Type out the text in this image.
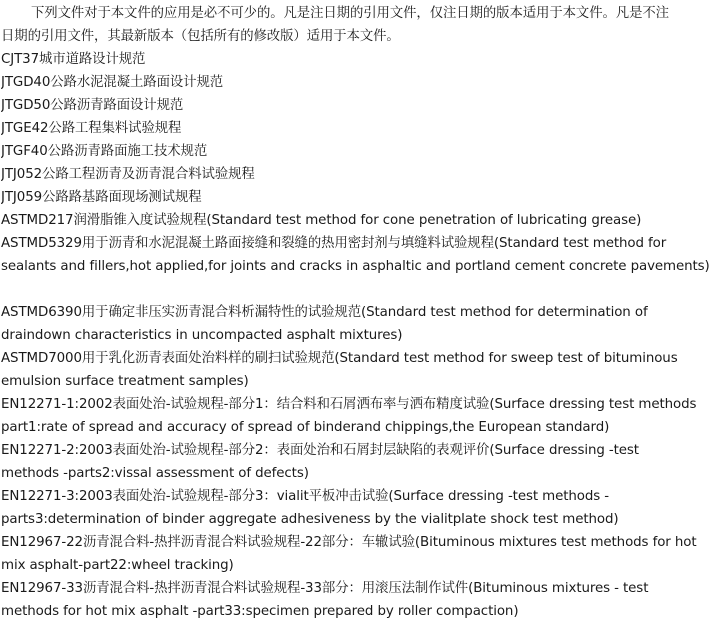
下列文件对于本文件的应用是必不可少的。凡是注日期的引用文件，仅注日期的版本适用于本文件。凡是不注
日期的引用文件，其最新版本（包括所有的修改版）适用于本文件。
CJT37城市道路设计规范
JTGD40公路水泥混凝土路面设计规范
JTGD50公路沥青路面设计规范
JTGE42公路工程集料试验规程
JTGF40公路沥青路面施工技术规范
JTJ052公路工程沥青及沥青混合料试验规程
JTJ059公路路基路面现场测试规程
ASTMD217润滑脂锥入度试验规程(Standard test method for cone penetration of lubricating grease)
ASTMD5329用于沥青和水泥混凝土路面接缝和裂缝的热用密封剂与填缝料试验规程(Standard test method for
sealants and fillers,hot applied,for joints and cracks in asphaltic and portland cement concrete pavements)
ASTMD6390用于确定非压实沥青混合料析漏特性的试验规范(Standard test method for determination of
draindown characteristics in uncompacted asphalt mixtures)
ASTMD7000用于乳化沥青表面处治料样的刷扫试验规范(Standard test method for sweep test of bituminous
emulsion surface treatment samples)
EN12271-1:2002表面处治-试验规程-部分1：结合料和石屑洒布率与洒布精度试验(Surface dressing test methods
part1:rate of spread and accuracy of spread of binderand chippings,the European standard)
EN12271-2:2003表面处治-试验规程-部分2：表面处治和石屑封层缺陷的表观评价(Surface dressing -test
methods -parts2:vissal assessment of defects)
EN12271-3:2003表面处治-试验规程-部分3：vialit平板冲击试验(Surface dressing -test methods -
parts3:determination of binder aggregate adhesiveness by the vialitplate shock test method)
EN12967-22沥青混合料-热拌沥青混合料试验规程-22部分：车辙试验(Bituminous mixtures test methods for hot
mix asphalt-part22:wheel tracking)
EN12967-33沥青混合料-热拌沥青混合料试验规程-33部分：用滚压法制作试件(Bituminous mixtures - test
methods for hot mix asphalt -part33:specimen prepared by roller compaction)
